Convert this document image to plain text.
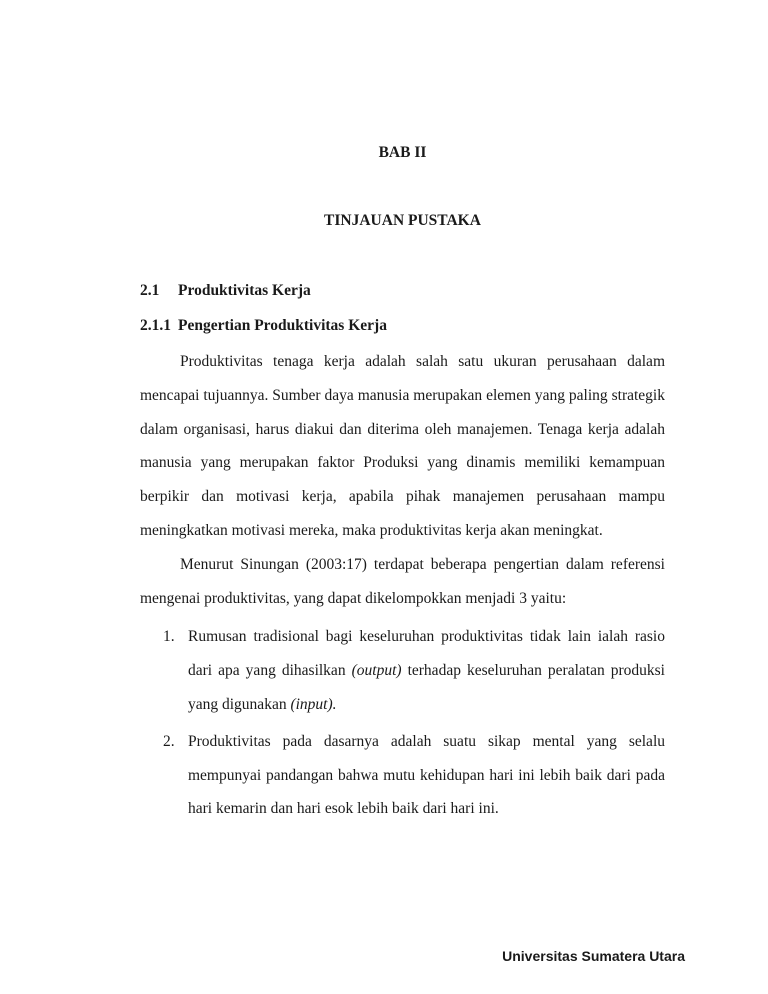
BAB II
TINJAUAN PUSTAKA
2.1 Produktivitas Kerja
2.1.1 Pengertian Produktivitas Kerja

Produktivitas tenaga kerja adalah salah satu ukuran perusahaan dalam mencapai tujuannya. Sumber daya manusia merupakan elemen yang paling strategik dalam organisasi, harus diakui dan diterima oleh manajemen. Tenaga kerja adalah manusia yang merupakan faktor Produksi yang dinamis memiliki kemampuan berpikir dan motivasi kerja, apabila pihak manajemen perusahaan mampu meningkatkan motivasi mereka, maka produktivitas kerja akan meningkat.

Menurut Sinungan (2003:17) terdapat beberapa pengertian dalam referensi mengenai produktivitas, yang dapat dikelompokkan menjadi 3 yaitu:

1. Rumusan tradisional bagi keseluruhan produktivitas tidak lain ialah rasio dari apa yang dihasilkan (output) terhadap keseluruhan peralatan produksi yang digunakan (input).
2. Produktivitas pada dasarnya adalah suatu sikap mental yang selalu mempunyai pandangan bahwa mutu kehidupan hari ini lebih baik dari pada hari kemarin dan hari esok lebih baik dari hari ini.
Universitas Sumatera Utara
